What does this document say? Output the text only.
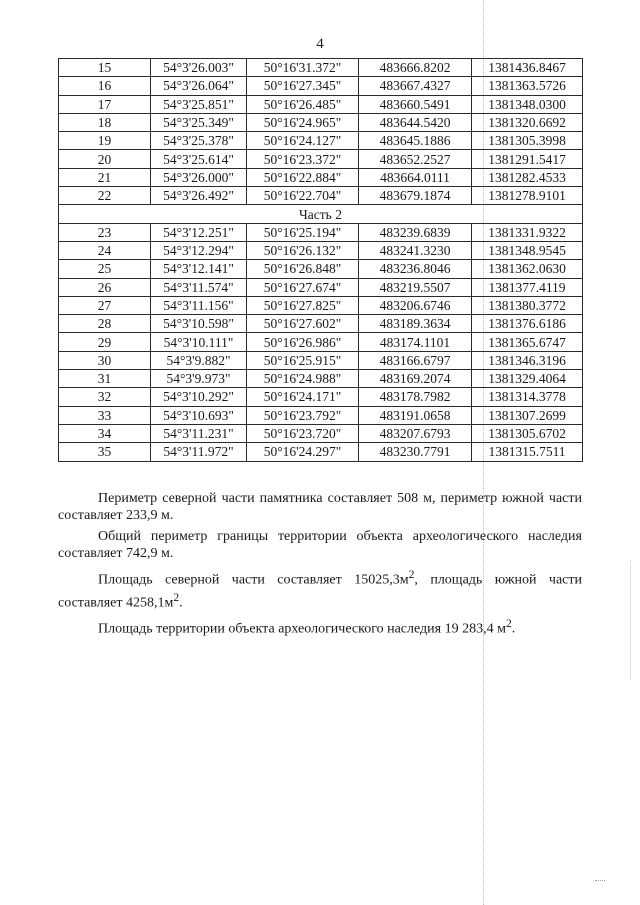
4
15	54°3'26.003"	50°16'31.372"	483666.8202	1381436.8467
16	54°3'26.064"	50°16'27.345"	483667.4327	1381363.5726
17	54°3'25.851"	50°16'26.485"	483660.5491	1381348.0300
18	54°3'25.349"	50°16'24.965"	483644.5420	1381320.6692
19	54°3'25.378"	50°16'24.127"	483645.1886	1381305.3998
20	54°3'25.614"	50°16'23.372"	483652.2527	1381291.5417
21	54°3'26.000"	50°16'22.884"	483664.0111	1381282.4533
22	54°3'26.492"	50°16'22.704"	483679.1874	1381278.9101
Часть 2				
23	54°3'12.251"	50°16'25.194"	483239.6839	1381331.9322
24	54°3'12.294"	50°16'26.132"	483241.3230	1381348.9545
25	54°3'12.141"	50°16'26.848"	483236.8046	1381362.0630
26	54°3'11.574"	50°16'27.674"	483219.5507	1381377.4119
27	54°3'11.156"	50°16'27.825"	483206.6746	1381380.3772
28	54°3'10.598"	50°16'27.602"	483189.3634	1381376.6186
29	54°3'10.111"	50°16'26.986"	483174.1101	1381365.6747
30	54°3'9.882"	50°16'25.915"	483166.6797	1381346.3196
31	54°3'9.973"	50°16'24.988"	483169.2074	1381329.4064
32	54°3'10.292"	50°16'24.171"	483178.7982	1381314.3778
33	54°3'10.693"	50°16'23.792"	483191.0658	1381307.2699
34	54°3'11.231"	50°16'23.720"	483207.6793	1381305.6702
35	54°3'11.972"	50°16'24.297"	483230.7791	1381315.7511

Периметр северной части памятника составляет 508 м, периметр южной части составляет 233,9 м.

Общий периметр границы территории объекта археологического наследия составляет 742,9 м.

Площадь северной части составляет $15025,3м^2$, площадь южной части составляет $4258,1м^2$.

Площадь территории объекта археологического наследия 19 283,4 $м^2$.
